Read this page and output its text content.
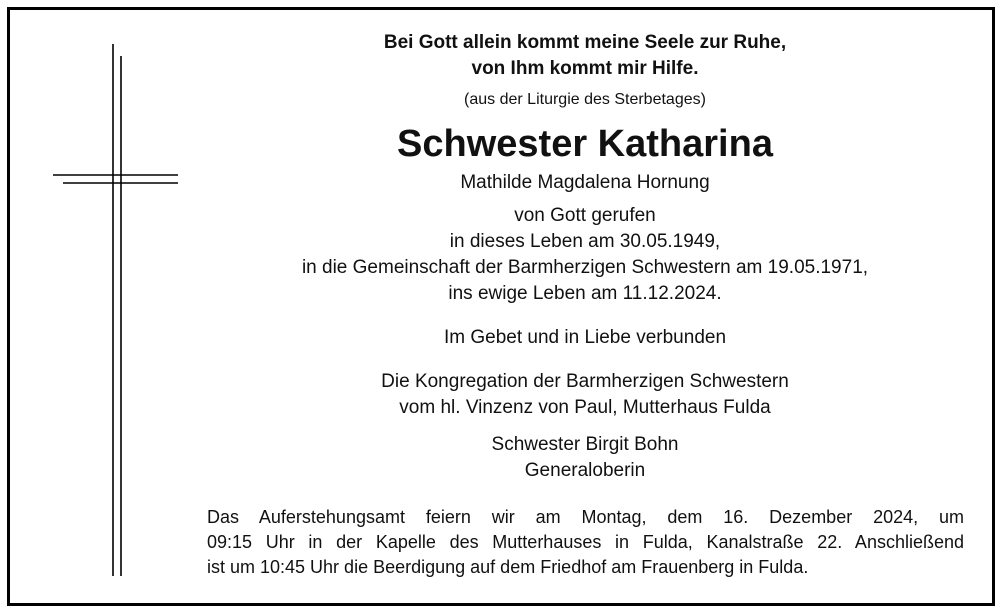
Bei Gott allein kommt meine Seele zur Ruhe,
von Ihm kommt mir Hilfe.
(aus der Liturgie des Sterbetages)
Schwester Katharina
Mathilde Magdalena Hornung
von Gott gerufen
in dieses Leben am 30.05.1949,
in die Gemeinschaft der Barmherzigen Schwestern am 19.05.1971,
ins ewige Leben am 11.12.2024.
Im Gebet und in Liebe verbunden
Die Kongregation der Barmherzigen Schwestern
vom hl. Vinzenz von Paul, Mutterhaus Fulda
Schwester Birgit Bohn
Generaloberin
Das Auferstehungsamt feiern wir am Montag, dem 16. Dezember 2024, um
09:15 Uhr in der Kapelle des Mutterhauses in Fulda, Kanalstraße 22. Anschließend
ist um 10:45 Uhr die Beerdigung auf dem Friedhof am Frauenberg in Fulda.
